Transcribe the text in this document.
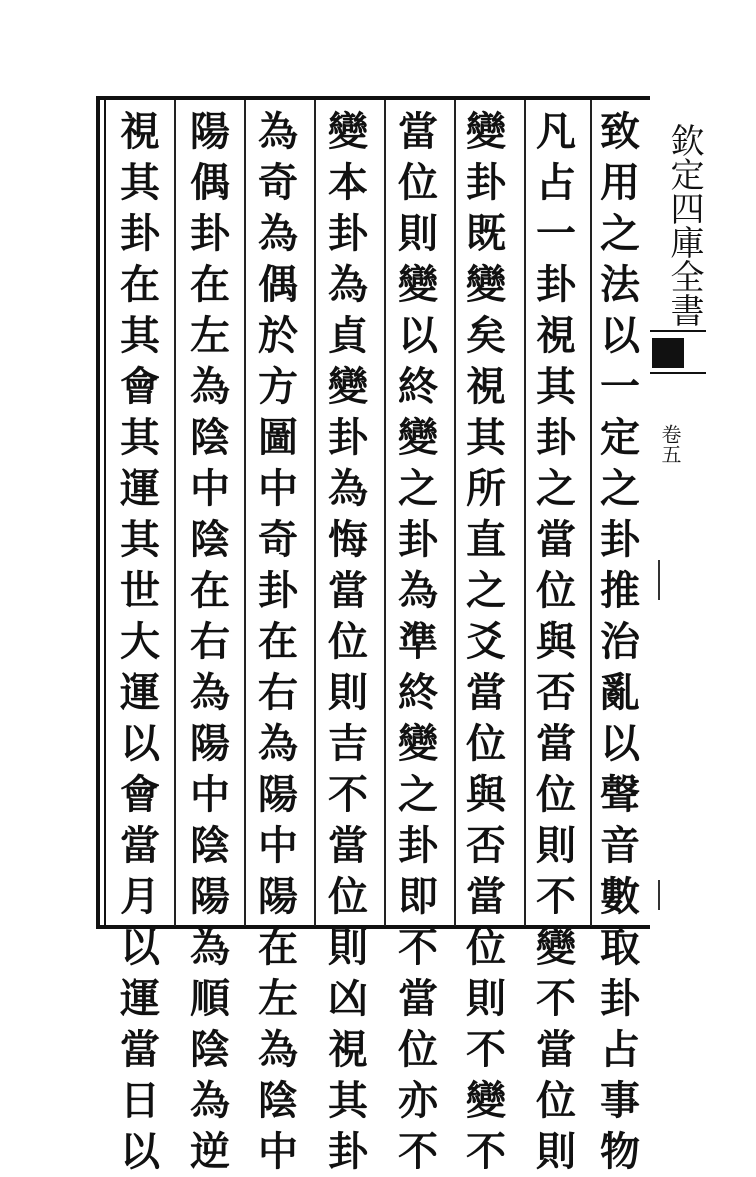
致
用
之
法
以
一
定
之
卦
推
治
亂
以
聲
音
數
取
卦
占
事
物
凡
占
一
卦
視
其
卦
之
當
位
與
否
當
位
則
不
變
不
當
位
則
變
卦
既
變
矣
視
其
所
直
之
爻
當
位
與
否
當
位
則
不
變
不
當
位
則
變
以
終
變
之
卦
為
準
終
變
之
卦
即
不
當
位
亦
不
變
本
卦
為
貞
變
卦
為
悔
當
位
則
吉
不
當
位
則
凶
視
其
卦
為
奇
為
偶
於
方
圖
中
奇
卦
在
右
為
陽
中
陽
在
左
為
陰
中
陽
偶
卦
在
左
為
陰
中
陰
在
右
為
陽
中
陰
陽
為
順
陰
為
逆
視
其
卦
在
其
會
其
運
其
世
大
運
以
會
當
月
以
運
當
日
以
欽定四庫全書
卷五
